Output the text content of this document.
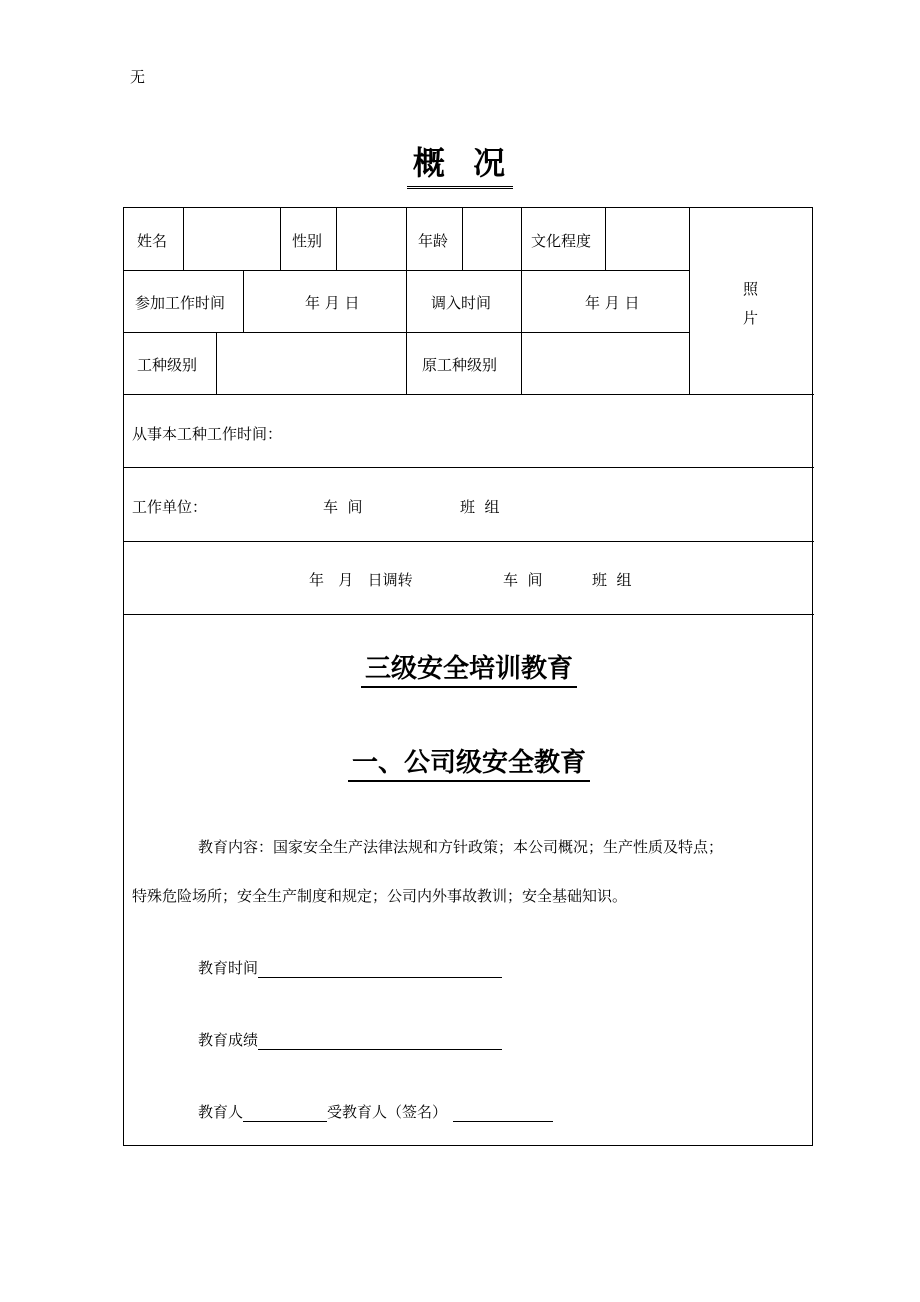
无
概  况
姓名	性别	年龄	文化程度
照
片
参加工作时间	年 月 日	调入时间	年 月 日
工种级别	原工种级别
从事本工种工作时间：
工作单位：	车  间	班  组
年   月   日调转	车  间	班  组
三级安全培训教育
一、公司级安全教育
教育内容：国家安全生产法律法规和方针政策；本公司概况；生产性质及特点；
特殊危险场所；安全生产制度和规定；公司内外事故教训；安全基础知识。
教育时间
教育成绩
教育人	受教育人（签名）
